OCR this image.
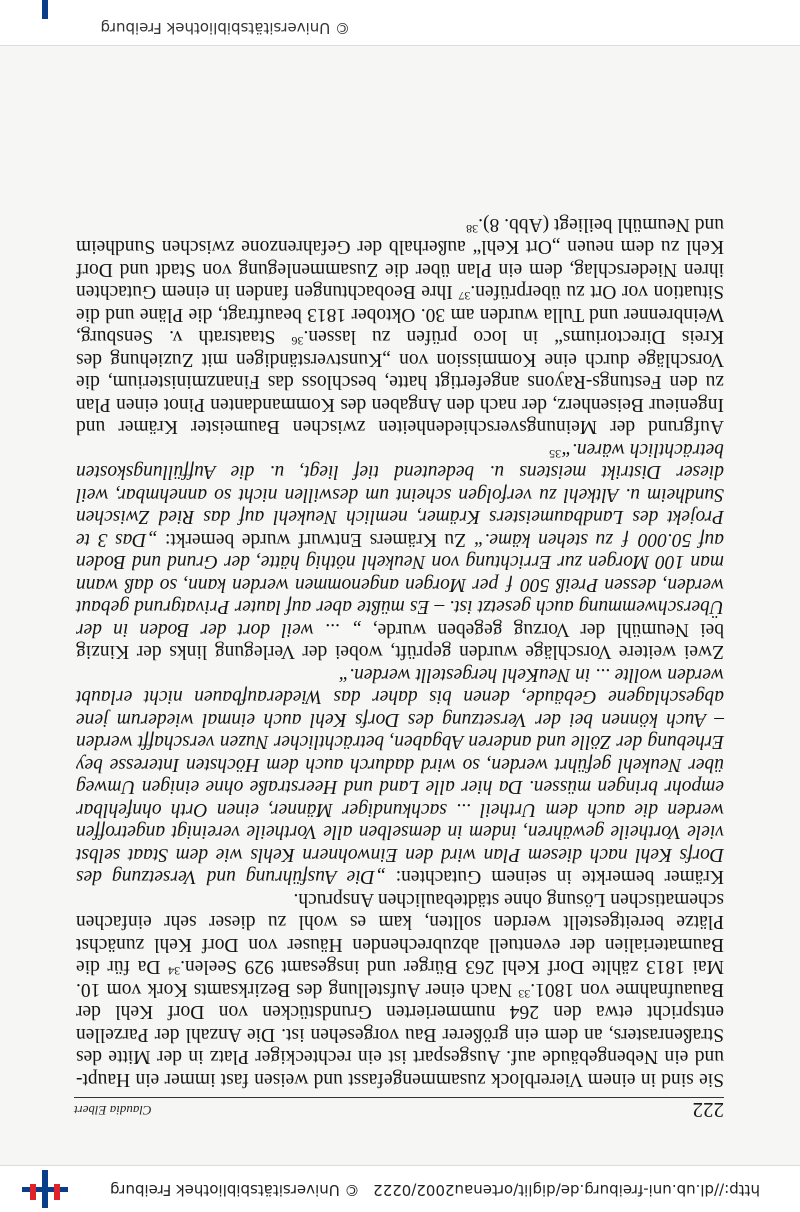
http://dl.ub.uni-freiburg.de/diglit/ortenau2002/0222
© Universitätsbibliothek Freiburg
222
Claudia Elbert

Sie sind in einem Viererblock zusammengefasst und weisen fast immer ein Haupt- und ein Nebengebäude auf. Ausgespart ist ein rechteckiger Platz in der Mitte des Straßenrasters, an dem ein größerer Bau vorgesehen ist. Die Anzahl der Parzellen entspricht etwa den 264 nummerierten Grundstücken von Dorf Kehl der Bauaufnahme von 1801.33 Nach einer Aufstellung des Bezirksamts Kork vom 10. Mai 1813 zählte Dorf Kehl 263 Bürger und insgesamt 929 Seelen.$^{34}$ Da für die Baumaterialien der eventuell abzubrechenden Häuser von Dorf Kehl zunächst Plätze bereitgestellt werden sollten, kam es wohl zu dieser sehr einfachen schematischen Lösung ohne städtebaulichen Anspruch.

Krämer bemerkte in seinem Gutachten: „Die Ausführung und Versetzung des Dorfs Kehl nach diesem Plan wird den Einwohnern Kehls wie dem Staat selbst viele Vortheile gewähren, indem in demselben alle Vortheile vereinigt angetroffen werden die auch dem Urtheil ... sachkundiger Männer, einen Orth ohnfehlbar empohr bringen müssen. Da hier alle Land und Heerstraße ohne einigen Umweg über Neukehl geführt werden, so wird dadurch auch dem Höchsten Interesse bey Erhebung der Zölle und anderen Abgaben, beträchtlicher Nuzen verschafft werden – Auch können bei der Versetzung des Dorfs Kehl auch einmal wiederum jene abgeschlagene Gebäude, denen bis daher das Wiederaufbauen nicht erlaubt werden wollte ... in NeuKehl hergestellt werden.“

Zwei weitere Vorschläge wurden geprüft, wobei der Verlegung links der Kinzig bei Neumühl der Vorzug gegeben wurde, „ ... weil dort der Boden in der Überschwemmung auch gesetzt ist. – Es müßte aber auf lauter Privatgrund gebaut werden, dessen Preiß 500 ƒ per Morgen angenommen werden kann, so daß wann man 100 Morgen zur Errichtung von Neukehl nöthig hätte, der Grund und Boden auf 50.000 ƒ zu stehen käme.“ Zu Krämers Entwurf wurde bemerkt: „Das 3 te Projekt des Landbaumeisters Krämer, nemlich Neukehl auf das Ried Zwischen Sundheim u. Altkehl zu verfolgen scheint um deswillen nicht so annehmbar, weil dieser Distrikt meistens u. bedeutend tief liegt, u. die Auffüllungskosten beträchtlich wären.“$^{35}$

Aufgrund der Meinungsverschiedenheiten zwischen Baumeister Krämer und Ingenieur Beisenherz, der nach den Angaben des Kommandanten Pinot einen Plan zu den Festungs-Rayons angefertigt hatte, beschloss das Finanzministerium, die Vorschläge durch eine Kommission von „Kunstverständigen mit Zuziehung des Kreis Directoriums“ in loco prüfen zu lassen.$^{36}$ Staatsrath v. Sensburg, Weinbrenner und Tulla wurden am 30. Oktober 1813 beauftragt, die Pläne und die Situation vor Ort zu überprüfen.$^{37}$ Ihre Beobachtungen fanden in einem Gutachten ihren Niederschlag, dem ein Plan über die Zusammenlegung von Stadt und Dorf Kehl zu dem neuen „Ort Kehl“ außerhalb der Gefahrenzone zwischen Sundheim und Neumühl beiliegt (Abb. 8).$^{38}$

© Universitätsbibliothek Freiburg
